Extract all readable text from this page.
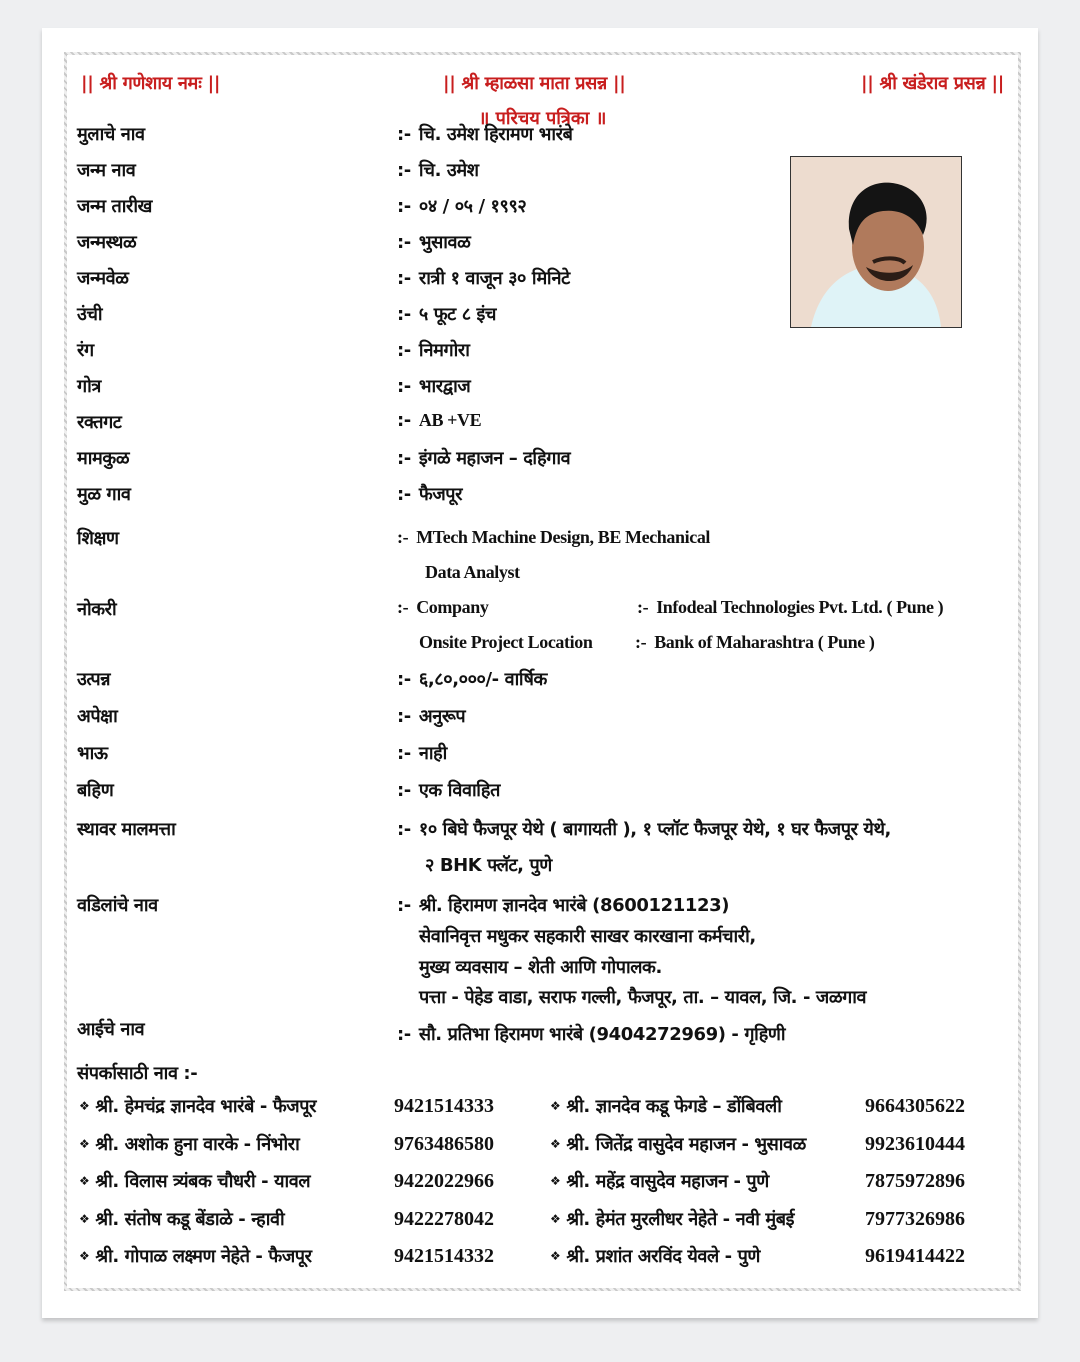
|| श्री गणेशाय नमः ||	|| श्री म्हाळसा माता प्रसन्न ||	|| श्री खंडेराव प्रसन्न ||
॥ परिचय पत्रिका ॥
मुलाचे नाव	:- चि. उमेश हिरामण भारंबे
जन्म नाव	:- चि. उमेश
जन्म तारीख	:- ०४ / ०५ / १९९२
जन्मस्थळ	:- भुसावळ
जन्मवेळ	:- रात्री १ वाजून ३० मिनिटे
उंची	:- ५ फूट ८ इंच
रंग	:- निमगोरा
गोत्र	:- भारद्वाज
रक्तगट	:- AB +VE
मामकुळ	:- इंगळे महाजन – दहिगाव
मुळ गाव	:- फैजपूर
शिक्षण	:- MTech Machine Design, BE Mechanical
Data Analyst
नोकरी	:- Company	:- Infodeal Technologies Pvt. Ltd. ( Pune )
Onsite Project Location :- Bank of Maharashtra ( Pune )
उत्पन्न	:- ६,८०,०००/- वार्षिक
अपेक्षा	:- अनुरूप
भाऊ	:- नाही
बहिण	:- एक विवाहित
स्थावर मालमत्ता	:- १० बिघे फैजपूर येथे ( बागायती ), १ प्लॉट फैजपूर येथे, १ घर फैजपूर येथे,
२ BHK फ्लॅट, पुणे
वडिलांचे नाव	:- श्री. हिरामण ज्ञानदेव भारंबे (8600121123)
सेवानिवृत्त मधुकर सहकारी साखर कारखाना कर्मचारी,
मुख्य व्यवसाय – शेती आणि गोपालक.
पत्ता - पेहेड वाडा, सराफ गल्ली, फैजपूर, ता. – यावल, जि. - जळगाव
आईचे नाव	:- सौ. प्रतिभा हिरामण भारंबे (9404272969) - गृहिणी
संपर्कासाठी नाव :-
❖ श्री. हेमचंद्र ज्ञानदेव भारंबे - फैजपूर	9421514333
❖ श्री. अशोक हुना वारके - निंभोरा	9763486580
❖ श्री. विलास त्र्यंबक चौधरी - यावल	9422022966
❖ श्री. संतोष कडू बेंडाळे - न्हावी	9422278042
❖ श्री. गोपाळ लक्ष्मण नेहेते - फैजपूर	9421514332
❖ श्री. ज्ञानदेव कडू फेगडे – डोंबिवली	9664305622
❖ श्री. जितेंद्र वासुदेव महाजन - भुसावळ	9923610444
❖ श्री. महेंद्र वासुदेव महाजन - पुणे	7875972896
❖ श्री. हेमंत मुरलीधर नेहेते - नवी मुंबई	7977326986
❖ श्री. प्रशांत अरविंद येवले - पुणे	9619414422
